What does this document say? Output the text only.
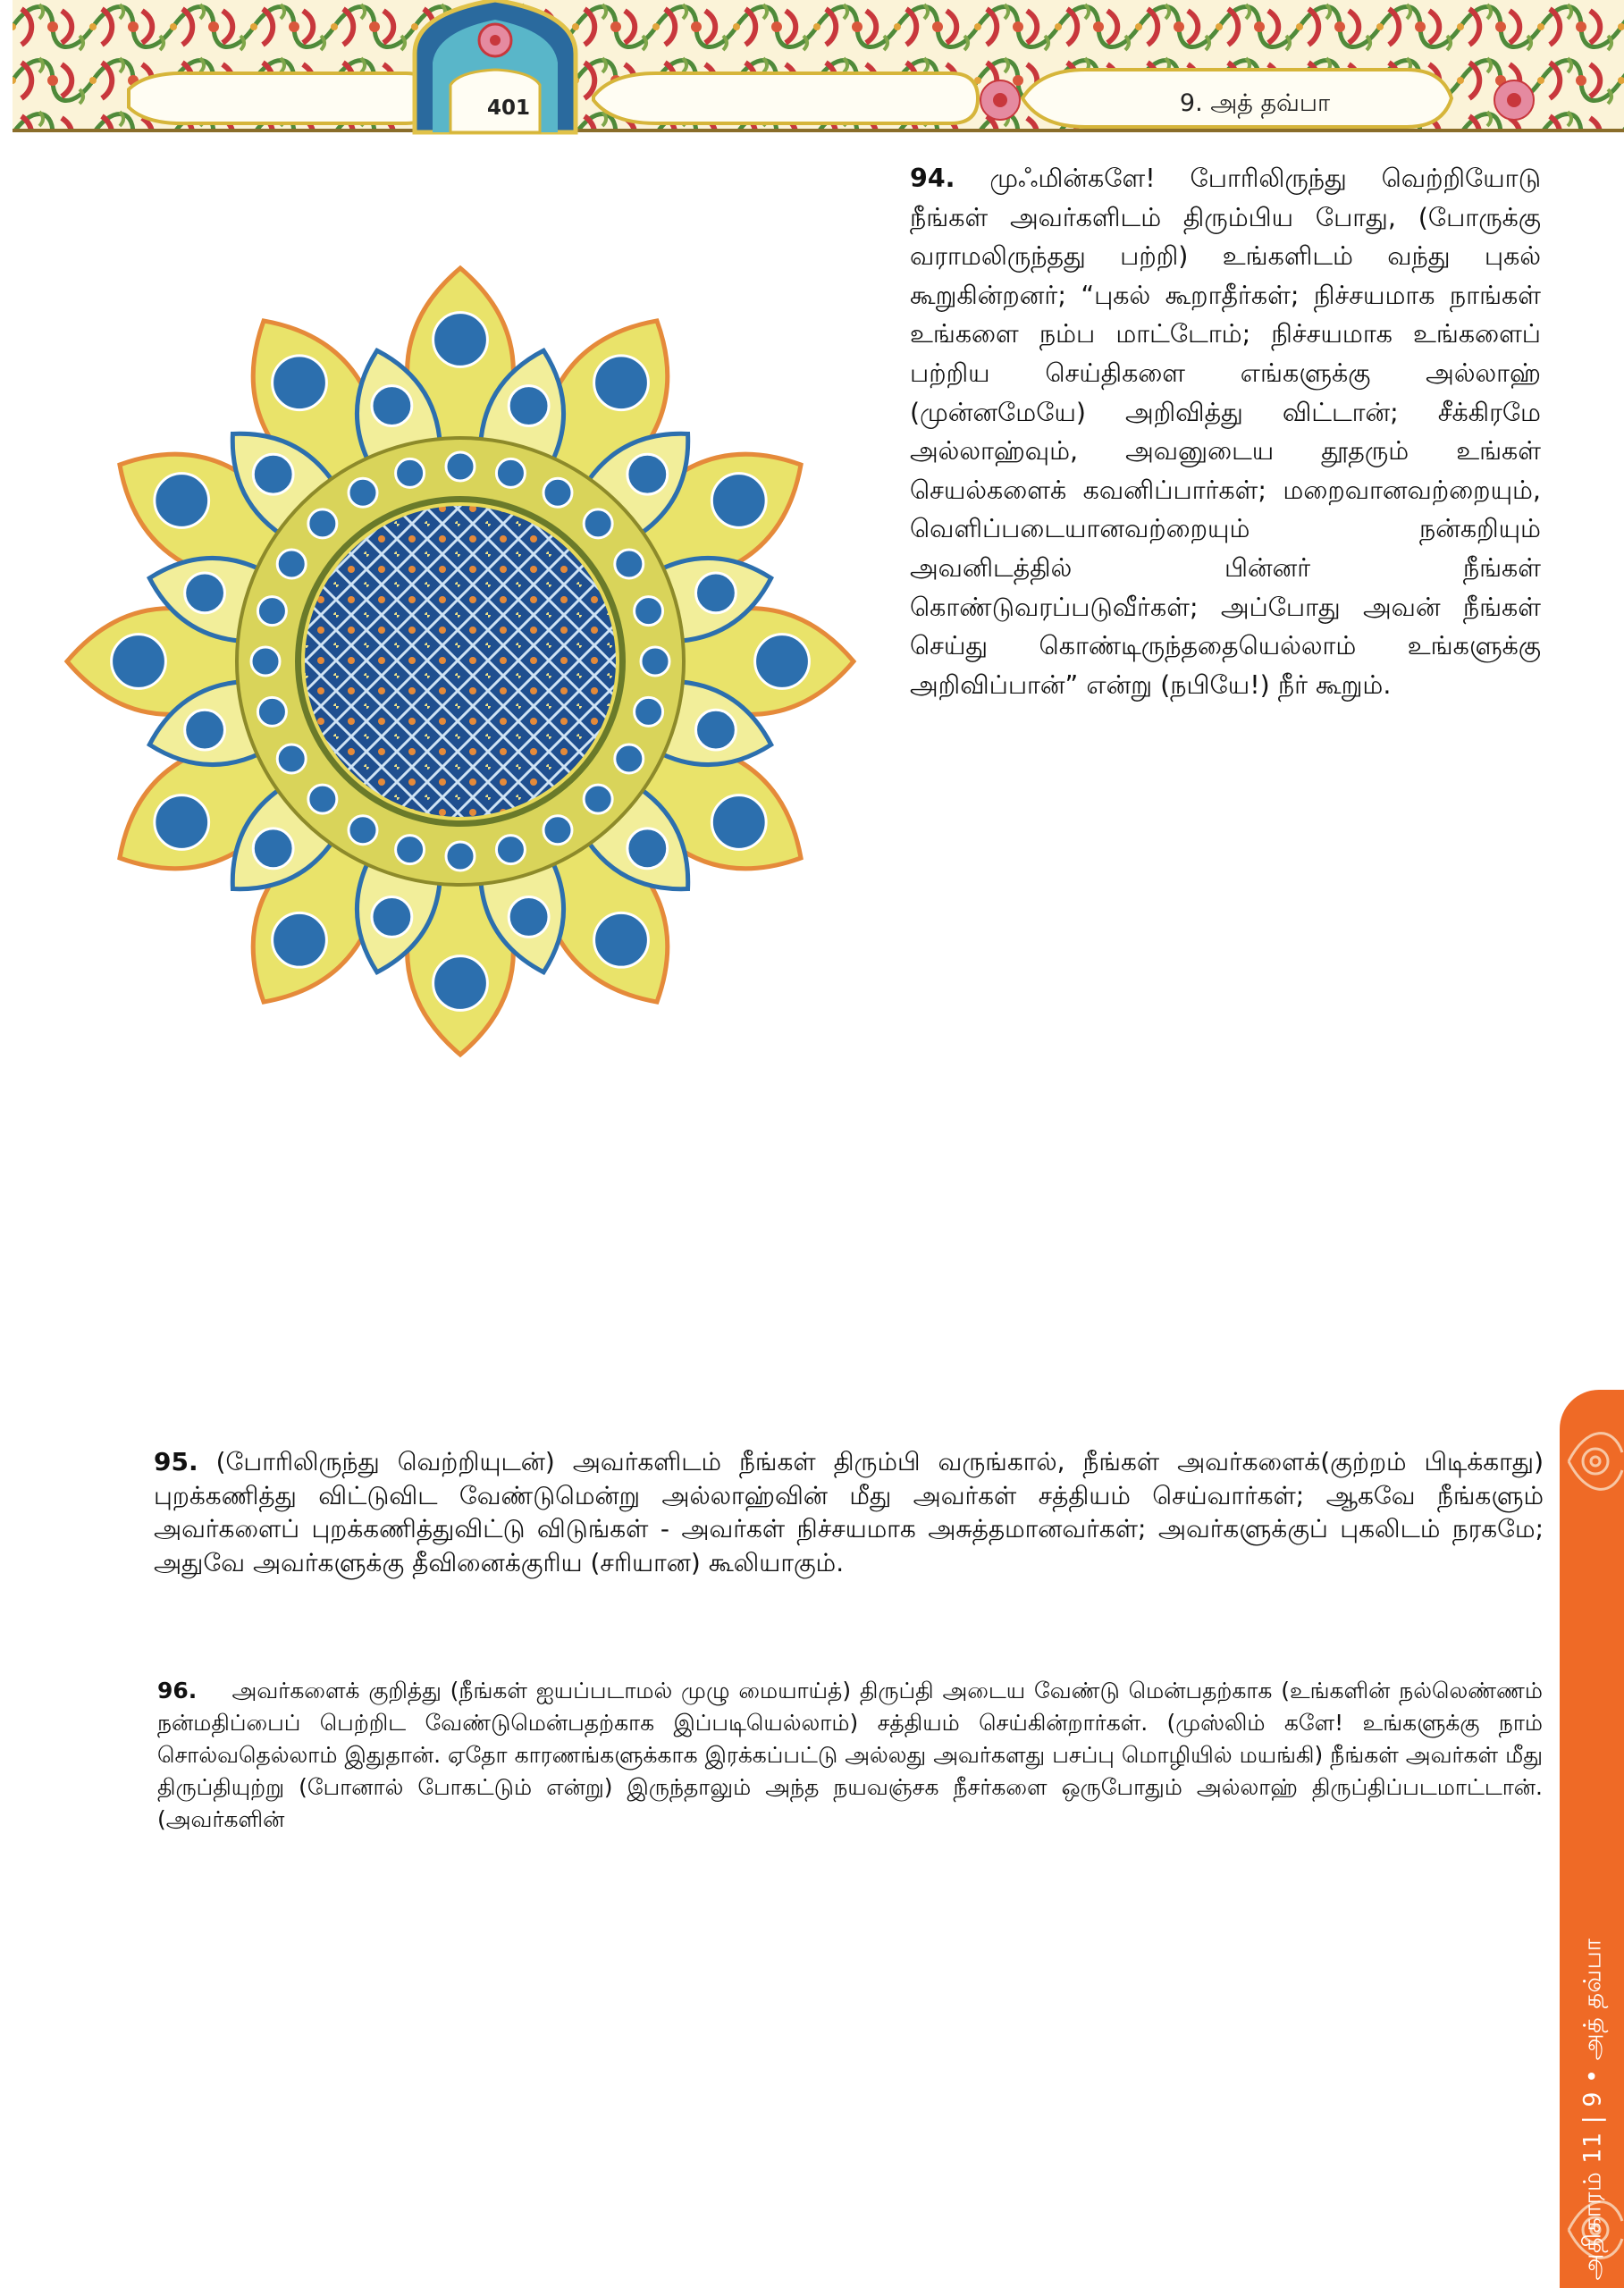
401	9. அத் தவ்பா
94. முஃமின்களே! போரிலிருந்து வெற்றியோடு நீங்கள் அவர்களிடம் திரும்பிய போது, (போருக்கு வராமலிருந்தது பற்றி) உங்களிடம் வந்து புகல் கூறுகின்றனர்; “புகல் கூறாதீர்கள்; நிச்சயமாக நாங்கள் உங்களை நம்ப மாட்டோம்; நிச்சயமாக உங்களைப் பற்றிய செய்திகளை எங்களுக்கு அல்லாஹ் (முன்னமேயே) அறிவித்து விட்டான்; சீக்கிரமே அல்லாஹ்வும், அவனுடைய தூதரும் உங்கள் செயல்களைக் கவனிப்பார்கள்; மறைவானவற்றையும், வெளிப்படையானவற்றையும் நன்கறியும் அவனிடத்தில் பின்னர் நீங்கள் கொண்டுவரப்படுவீர்கள்; அப்போது அவன் நீங்கள் செய்து கொண்டிருந்ததையெல்லாம் உங்களுக்கு அறிவிப்பான்” என்று (நபியே!) நீர் கூறும்.
95. (போரிலிருந்து வெற்றியுடன்) அவர்களிடம் நீங்கள் திரும்பி வருங்கால், நீங்கள் அவர்களைக்(குற்றம் பிடிக்காது) புறக்கணித்து விட்டுவிட வேண்டுமென்று அல்லாஹ்வின் மீது அவர்கள் சத்தியம் செய்வார்கள்; ஆகவே நீங்களும் அவர்களைப் புறக்கணித்துவிட்டு விடுங்கள் - அவர்கள் நிச்சயமாக அசுத்தமானவர்கள்; அவர்களுக்குப் புகலிடம் நரகமே; அதுவே அவர்களுக்கு தீவினைக்குரிய (சரியான) கூலியாகும்.
96. அவர்களைக் குறித்து (நீங்கள் ஐயப்படாமல் முழு மையாய்த்) திருப்தி அடைய வேண்டு மென்பதற்காக (உங்களின் நல்லெண்ணம் நன்மதிப்பைப் பெற்றிட வேண்டுமென்பதற்காக இப்படியெல்லாம்) சத்தியம் செய்கின்றார்கள். (முஸ்லிம் களே! உங்களுக்கு நாம் சொல்வதெல்லாம் இதுதான். ஏதோ காரணங்களுக்காக இரக்கப்பட்டு அல்லது அவர்களது பசப்பு மொழியில் மயங்கி) நீங்கள் அவர்கள் மீது திருப்தியுற்று (போனால் போகட்டும் என்று) இருந்தாலும் அந்த நயவஞ்சக நீசர்களை ஒருபோதும் அல்லாஹ் திருப்திப்படமாட்டான். (அவர்களின்
அதிகாரம் 11 | 9 • அத் தவ்பா
